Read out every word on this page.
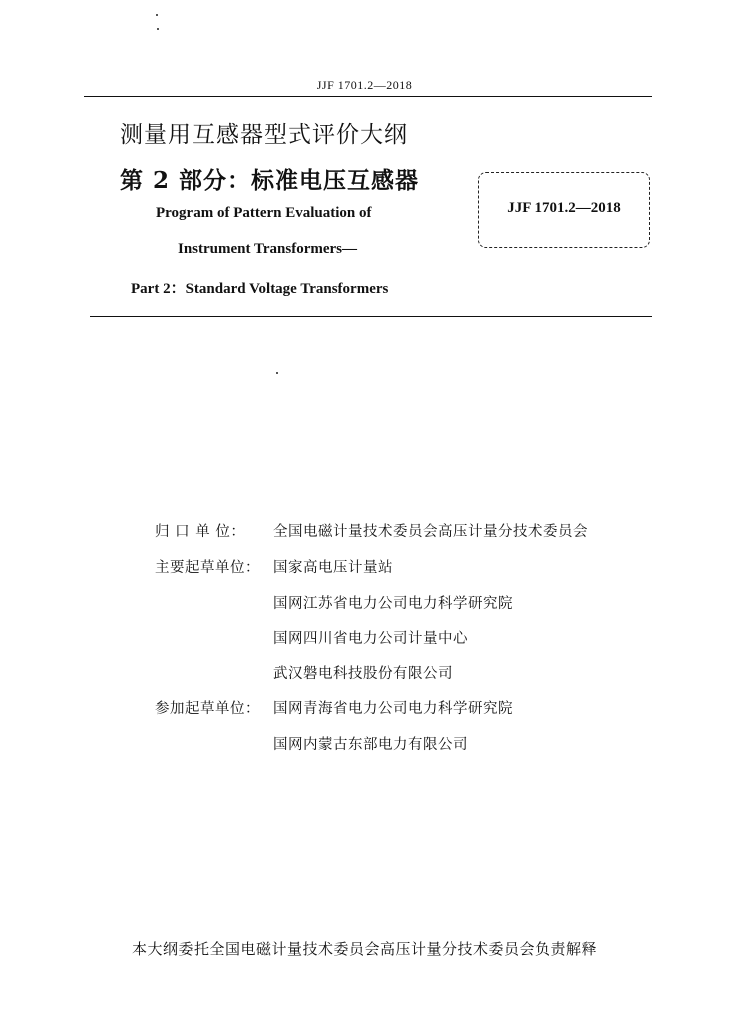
JJF 1701.2—2018
测量用互感器型式评价大纲
第 2 部分：标准电压互感器
Program of Pattern Evaluation of
Instrument Transformers—
Part 2：Standard Voltage Transformers
JJF 1701.2—2018
归 口 单 位： 全国电磁计量技术委员会高压计量分技术委员会
主要起草单位： 国家高电压计量站
国网江苏省电力公司电力科学研究院
国网四川省电力公司计量中心
武汉磐电科技股份有限公司
参加起草单位： 国网青海省电力公司电力科学研究院
国网内蒙古东部电力有限公司
本大纲委托全国电磁计量技术委员会高压计量分技术委员会负责解释
